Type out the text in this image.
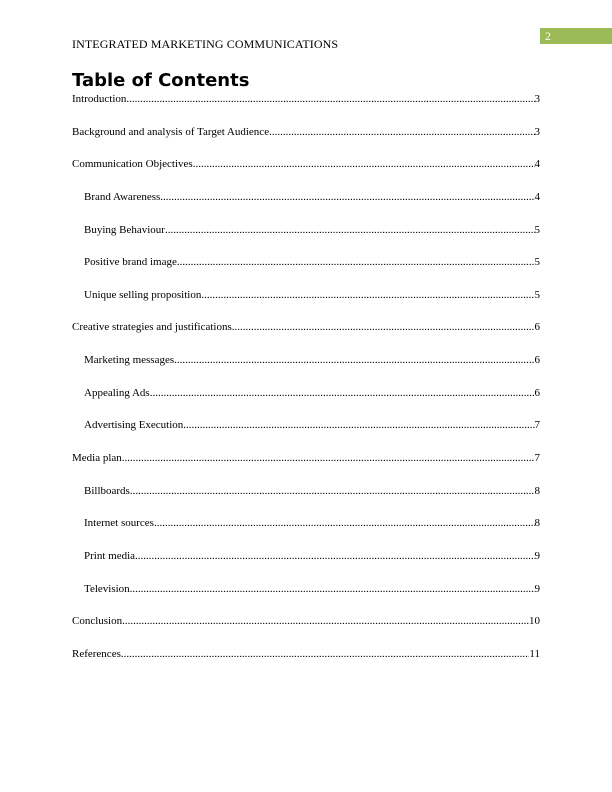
INTEGRATED MARKETING COMMUNICATIONS
2
Table of Contents
Introduction .....	3
Background and analysis of Target Audience .....	3
Communication Objectives .....	4
Brand Awareness .....	4
Buying Behaviour .....	5
Positive brand image .....	5
Unique selling proposition .....	5
Creative strategies and justifications .....	6
Marketing messages .....	6
Appealing Ads .....	6
Advertising Execution .....	7
Media plan .....	7
Billboards .....	8
Internet sources .....	8
Print media .....	9
Television .....	9
Conclusion .....	10
References .....	11
